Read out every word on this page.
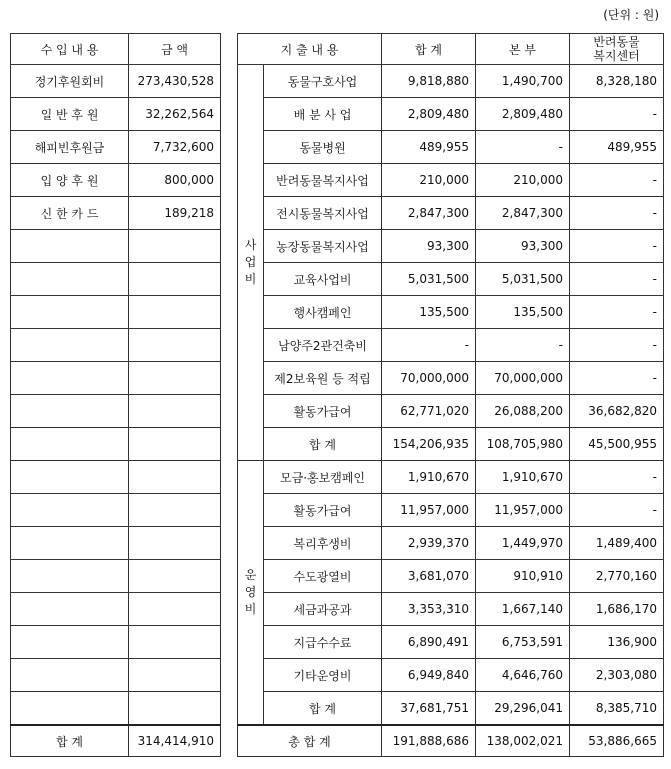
(단위 : 원)
수 입 내 용	금 액
정기후원회비	273,430,528
일 반 후 원	32,262,564
해피빈후원금	7,732,600
입 양 후 원	800,000
신 한 카 드	189,218

합 계	314,414,910
지 출 내 용		합 계	본 부	반려동물
복지센터

사
업
비	동물구호사업	9,818,880	1,490,700	8,328,180
	배 분 사 업	2,809,480	2,809,480	-
	동물병원	489,955	-	489,955
	반려동물복지사업	210,000	210,000	-
	전시동물복지사업	2,847,300	2,847,300	-
	농장동물복지사업	93,300	93,300	-
	교육사업비	5,031,500	5,031,500	-
	행사캠페인	135,500	135,500	-
	남양주2관건축비	-	-	-
	제2보육원 등 적립	70,000,000	70,000,000	-
	활동가급여	62,771,020	26,088,200	36,682,820
	합 계	154,206,935	108,705,980	45,500,955

운
영
비	모금·홍보캠페인	1,910,670	1,910,670	-
	활동가급여	11,957,000	11,957,000	-
	복리후생비	2,939,370	1,449,970	1,489,400
	수도광열비	3,681,070	910,910	2,770,160
	세금과공과	3,353,310	1,667,140	1,686,170
	지급수수료	6,890,491	6,753,591	136,900
	기타운영비	6,949,840	4,646,760	2,303,080
	합 계	37,681,751	29,296,041	8,385,710
총 합 계		191,888,686	138,002,021	53,886,665
